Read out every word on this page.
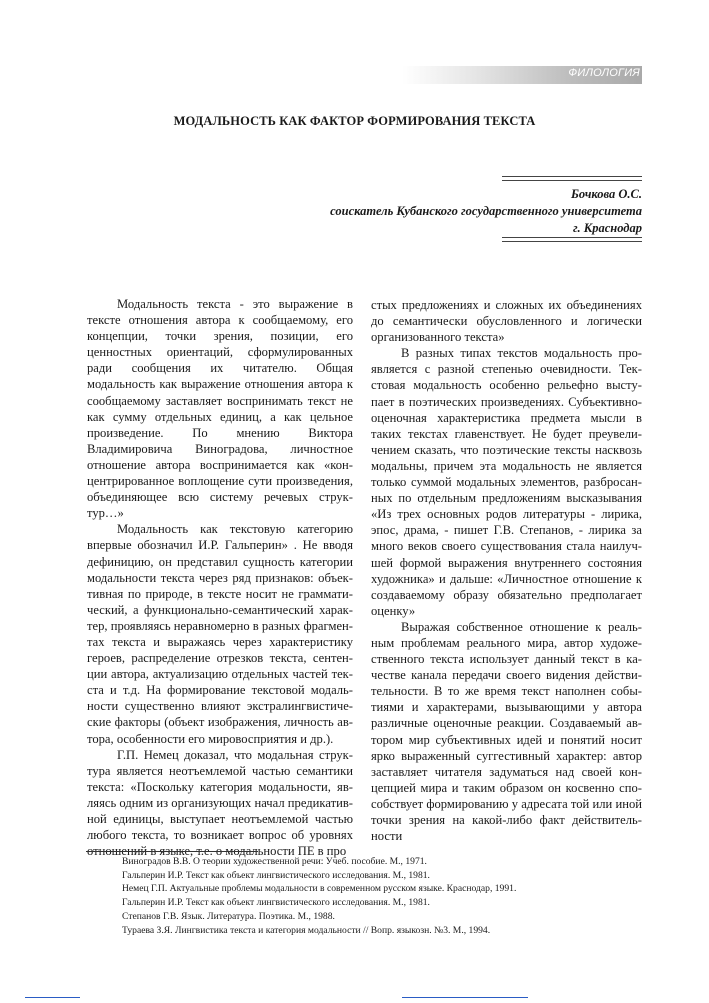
ФИЛОЛОГИЯ
МОДАЛЬНОСТЬ КАК ФАКТОР ФОРМИРОВАНИЯ ТЕКСТА
Бочкова О.С.
соискатель Кубанского государственного университета
г. Краснодар

Модальность текста - это выражение в тексте отношения автора к сообщаемому, его концепции, точки зрения, позиции, его ценностных ориентаций, сформулированных ради сообщения их читателю. Общая модальность как выражение отношения автора к сообщаемому заставляет воспринимать текст не как сумму отдельных единиц, а как цельное произведение. По мнению Виктора Владимировича Виноградова, личностное отношение автора воспринимается как «концентрированное воплощение сути произведения, объединяющее всю систему речевых структур…»

Модальность как текстовую категорию впервые обозначил И.Р. Гальперин» . Не вводя дефиницию, он представил сущность категории модальности текста через ряд признаков: объективная по природе, в тексте носит не грамматический, а функционально-семантический характер, проявляясь неравномерно в разных фрагментах текста и выражаясь через характеристику героев, распределение отрезков текста, сентенции автора, актуализацию отдельных частей текста и т.д. На формирование текстовой модальности существенно влияют экстралингвистические факторы (объект изображения, личность автора, особенности его мировосприятия и др.).

Г.П. Немец доказал, что модальная структура является неотъемлемой частью семантики текста: «Поскольку категория модальности, являясь одним из организующих начал предикативной единицы, выступает неотъемлемой частью любого текста, то возникает вопрос об уровнях отношений в языке, т.е. о модальности ПЕ в про

стых предложениях и сложных их объединениях до семантически обусловленного и логически организованного текста»

В разных типах текстов модальность проявляется с разной степенью очевидности. Текстовая модальность особенно рельефно выступает в поэтических произведениях. Субъективно-оценочная характеристика предмета мысли в таких текстах главенствует. Не будет преувеличением сказать, что поэтические тексты насквозь модальны, причем эта модальность не является только суммой модальных элементов, разбросанных по отдельным предложениям высказывания «Из трех основных родов литературы - лирика, эпос, драма, - пишет Г.В. Степанов, - лирика за много веков своего существования стала наилучшей формой выражения внутреннего состояния художника» и дальше: «Личностное отношение к создаваемому образу обязательно предполагает оценку»

Выражая собственное отношение к реальным проблемам реального мира, автор художественного текста использует данный текст в качестве канала передачи своего видения действительности. В то же время текст наполнен событиями и характерами, вызывающими у автора различные оценочные реакции. Создаваемый автором мир субъективных идей и понятий носит ярко выраженный суггестивный характер: автор заставляет читателя задуматься над своей концепцией мира и таким образом он косвенно способствует формированию у адресата той или иной точки зрения на какой-либо факт действительности

Виноградов В.В. О теории художественной речи: Учеб. пособие. М., 1971.
Гальперин И.Р. Текст как объект лингвистического исследования. М., 1981.
Немец Г.П. Актуальные проблемы модальности в современном русском языке. Краснодар, 1991.
Гальперин И.Р. Текст как объект лингвистического исследования. М., 1981.
Степанов Г.В. Язык. Литература. Поэтика. М., 1988.
Тураева З.Я. Лингвистика текста и категория модальности // Вопр. языкозн. №3. М., 1994.
